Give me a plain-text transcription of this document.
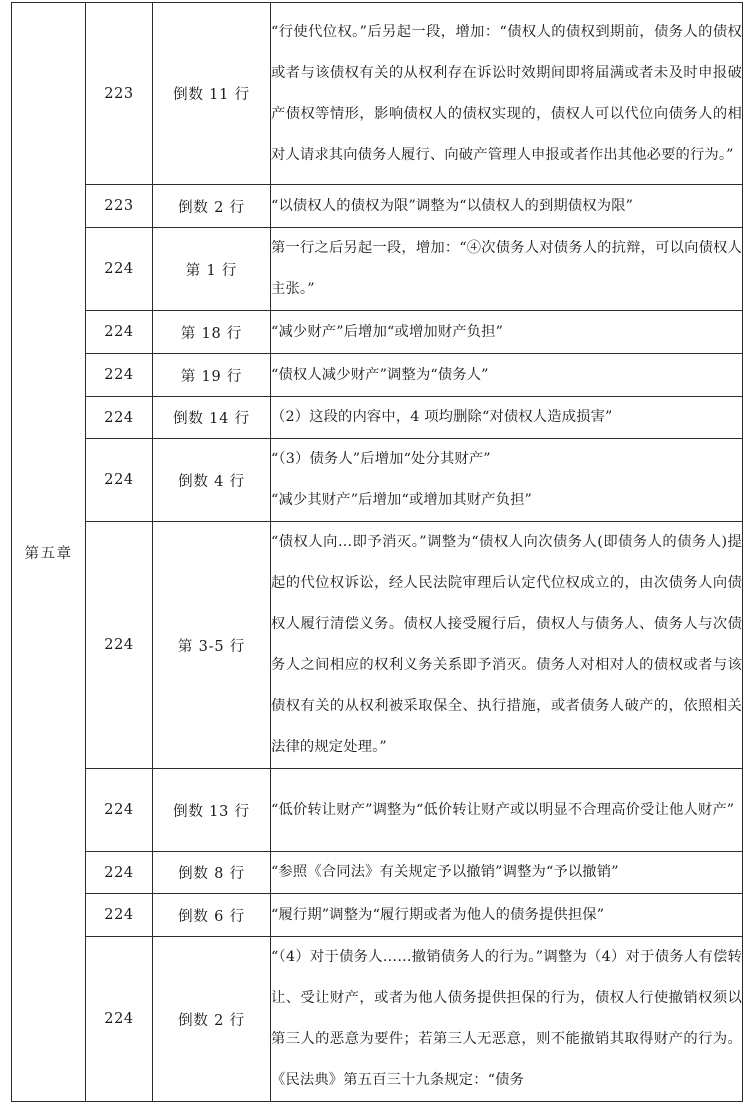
第五章	223	倒数 11 行	“行使代位权。”后另起一段，增加：“债权人的债权到期前，债务人的债权或者与该债权有关的从权利存在诉讼时效期间即将届满或者未及时申报破产债权等情形，影响债权人的债权实现的，债权人可以代位向债务人的相对人请求其向债务人履行、向破产管理人申报或者作出其他必要的行为。”

	223	倒数 2 行	“以债权人的债权为限”调整为“以债权人的到期债权为限”

	224	第 1 行	第一行之后另起一段，增加：“④次债务人对债务人的抗辩，可以向债权人主张。”

	224	第 18 行	“减少财产”后增加“或增加财产负担”

	224	第 19 行	“债权人减少财产”调整为“债务人”

	224	倒数 14 行	（2）这段的内容中，4 项均删除“对债权人造成损害”

	224	倒数 4 行	“（3）债务人”后增加“处分其财产”

“减少其财产”后增加“或增加其财产负担”

	224	第 3-5 行	“债权人向…即予消灭。”调整为“债权人向次债务人(即债务人的债务人)提起的代位权诉讼，经人民法院审理后认定代位权成立的，由次债务人向债权人履行清偿义务。债权人接受履行后，债权人与债务人、债务人与次债务人之间相应的权利义务关系即予消灭。债务人对相对人的债权或者与该债权有关的从权利被采取保全、执行措施，或者债务人破产的，依照相关法律的规定处理。”

	224	倒数 13 行	“低价转让财产”调整为“低价转让财产或以明显不合理高价受让他人财产”

	224	倒数 8 行	“参照《合同法》有关规定予以撤销”调整为“予以撤销”

	224	倒数 6 行	“履行期”调整为“履行期或者为他人的债务提供担保”

	224	倒数 2 行	“（4）对于债务人……撤销债务人的行为。”调整为（4）对于债务人有偿转让、受让财产，或者为他人债务提供担保的行为，债权人行使撤销权须以第三人的恶意为要件；若第三人无恶意，则不能撤销其取得财产的行为。《民法典》第五百三十九条规定：“债务
